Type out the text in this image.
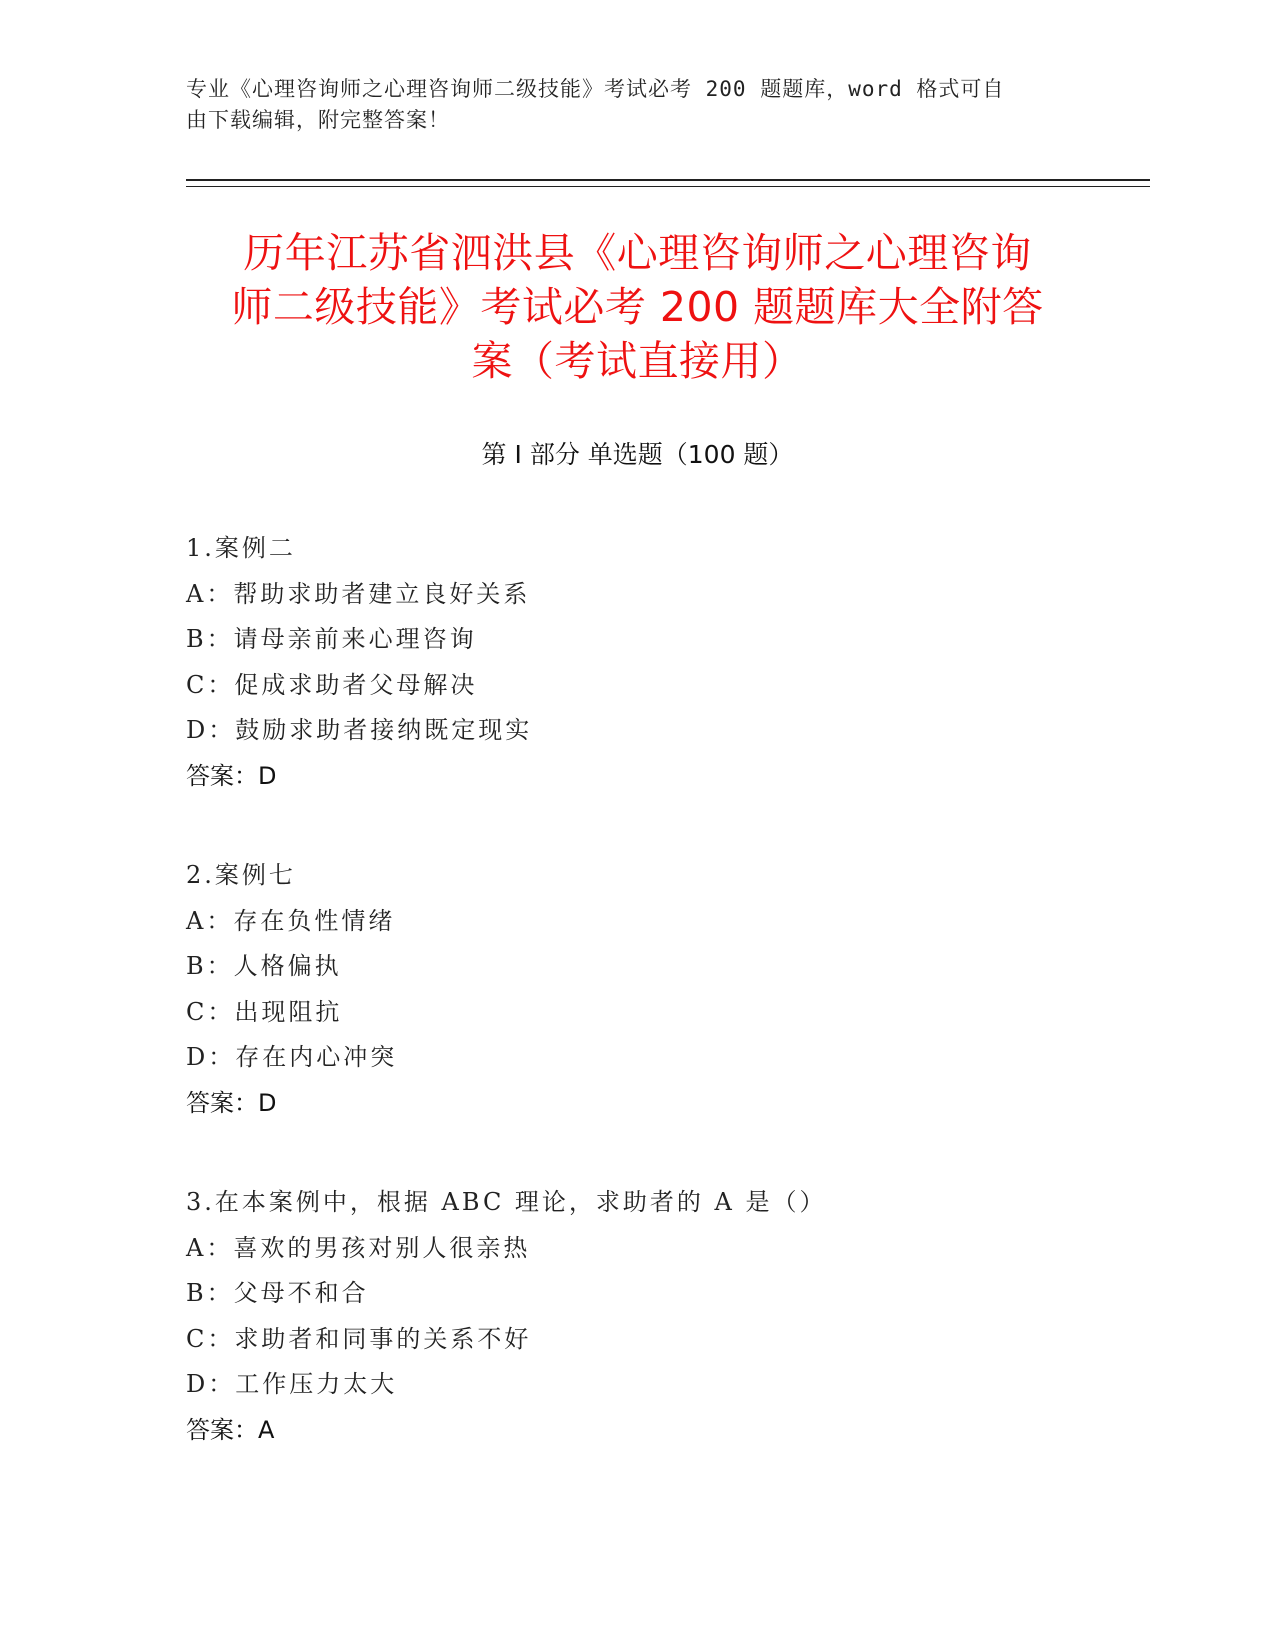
专业《心理咨询师之心理咨询师二级技能》考试必考 200 题题库，word 格式可自
由下载编辑，附完整答案！
历年江苏省泗洪县《心理咨询师之心理咨询
师二级技能》考试必考 200 题题库大全附答
案（考试直接用）
第 I 部分 单选题（100 题）
1.案例二
A：帮助求助者建立良好关系
B：请母亲前来心理咨询
C：促成求助者父母解决
D：鼓励求助者接纳既定现实
答案：D
2.案例七
A：存在负性情绪
B：人格偏执
C：出现阻抗
D：存在内心冲突
答案：D
3.在本案例中，根据 ABC 理论，求助者的 A 是（）
A：喜欢的男孩对别人很亲热
B：父母不和合
C：求助者和同事的关系不好
D：工作压力太大
答案：A
